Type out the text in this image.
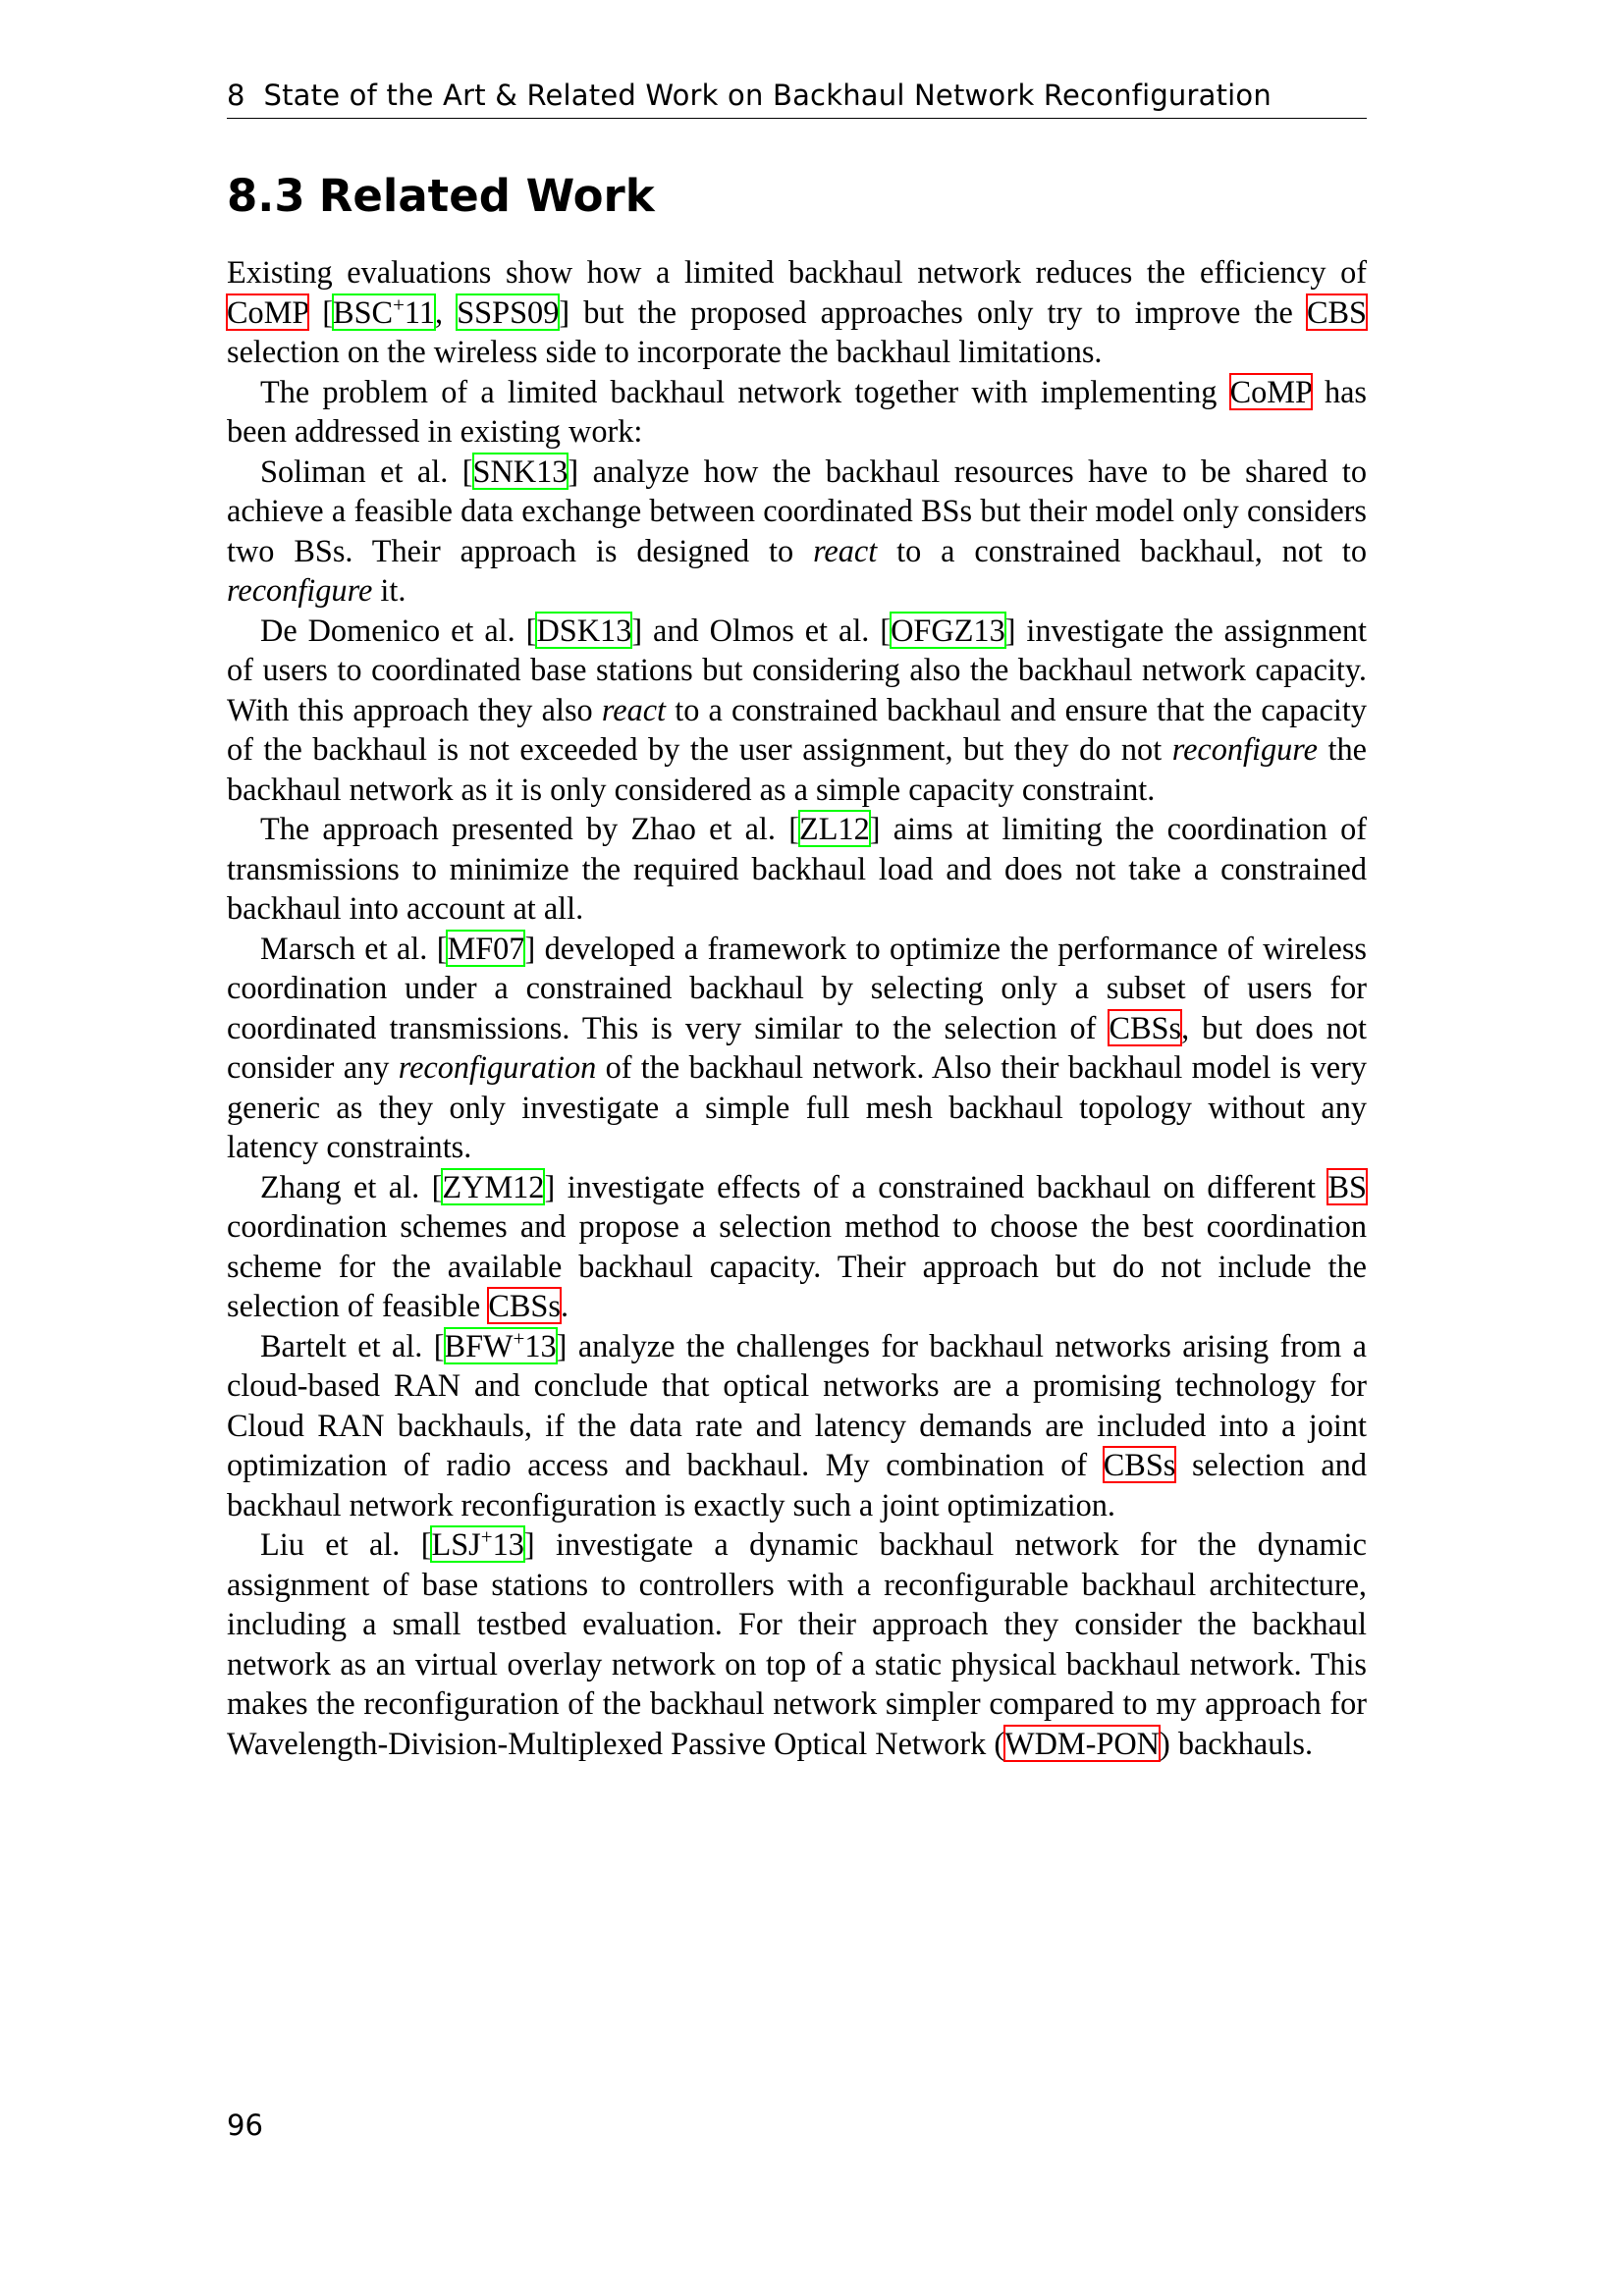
8 State of the Art & Related Work on Backhaul Network Reconfiguration
8.3 Related Work

Existing evaluations show how a limited backhaul network reduces the efficiency of CoMP [BSC+11, SSPS09] but the proposed approaches only try to improve the CBS selection on the wireless side to incorporate the backhaul limitations.

The problem of a limited backhaul network together with implementing CoMP has been addressed in existing work:

Soliman et al. [SNK13] analyze how the backhaul resources have to be shared to achieve a feasible data exchange between coordinated BSs but their model only considers two BSs. Their approach is designed to react to a constrained backhaul, not to reconfigure it.

De Domenico et al. [DSK13] and Olmos et al. [OFGZ13] investigate the assignment of users to coordinated base stations but considering also the backhaul network capacity. With this approach they also react to a constrained backhaul and ensure that the capacity of the backhaul is not exceeded by the user assignment, but they do not reconfigure the backhaul network as it is only considered as a simple capacity constraint.

The approach presented by Zhao et al. [ZL12] aims at limiting the coordination of transmissions to minimize the required backhaul load and does not take a constrained backhaul into account at all.

Marsch et al. [MF07] developed a framework to optimize the performance of wireless coordination under a constrained backhaul by selecting only a subset of users for coordinated transmissions. This is very similar to the selection of CBSs, but does not consider any reconfiguration of the backhaul network. Also their backhaul model is very generic as they only investigate a simple full mesh backhaul topology without any latency constraints.

Zhang et al. [ZYM12] investigate effects of a constrained backhaul on different BS coordination schemes and propose a selection method to choose the best coordination scheme for the available backhaul capacity. Their approach but do not include the selection of feasible CBSs.

Bartelt et al. [BFW+13] analyze the challenges for backhaul networks arising from a cloud-based RAN and conclude that optical networks are a promising technology for Cloud RAN backhauls, if the data rate and latency demands are included into a joint optimization of radio access and backhaul. My combination of CBSs selection and backhaul network reconfiguration is exactly such a joint optimization.

Liu et al. [LSJ+13] investigate a dynamic backhaul network for the dynamic assignment of base stations to controllers with a reconfigurable backhaul architecture, including a small testbed evaluation. For their approach they consider the backhaul network as an virtual overlay network on top of a static physical backhaul network. This makes the reconfiguration of the backhaul network simpler compared to my approach for Wavelength-Division-Multiplexed Passive Optical Network (WDM-PON) backhauls.

96
